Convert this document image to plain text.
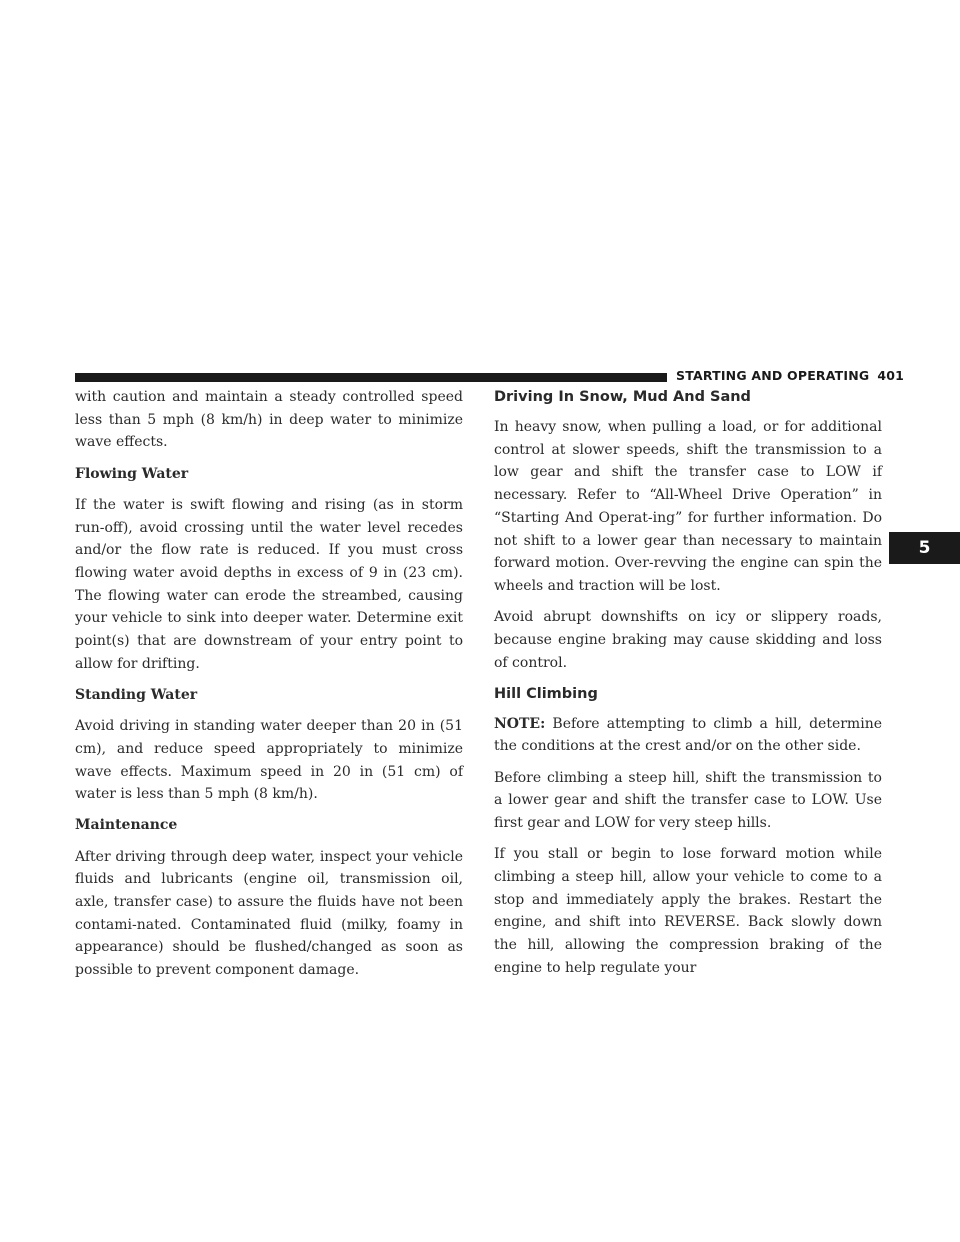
STARTING AND OPERATING 401
5

with caution and maintain a steady controlled speed less than 5 mph (8 km/h) in deep water to minimize wave effects.

Flowing Water

If the water is swift flowing and rising (as in storm run-off), avoid crossing until the water level recedes and/or the flow rate is reduced. If you must cross flowing water avoid depths in excess of 9 in (23 cm). The flowing water can erode the streambed, causing your vehicle to sink into deeper water. Determine exit point(s) that are downstream of your entry point to allow for drifting.

Standing Water

Avoid driving in standing water deeper than 20 in (51 cm), and reduce speed appropriately to minimize wave effects. Maximum speed in 20 in (51 cm) of water is less than 5 mph (8 km/h).

Maintenance

After driving through deep water, inspect your vehicle fluids and lubricants (engine oil, transmission oil, axle, transfer case) to assure the fluids have not been contami-nated. Contaminated fluid (milky, foamy in appearance) should be flushed/changed as soon as possible to prevent component damage.

Driving In Snow, Mud And Sand

In heavy snow, when pulling a load, or for additional control at slower speeds, shift the transmission to a low gear and shift the transfer case to LOW if necessary. Refer to “All-Wheel Drive Operation” in “Starting And Operat-ing” for further information. Do not shift to a lower gear than necessary to maintain forward motion. Over-revving the engine can spin the wheels and traction will be lost.

Avoid abrupt downshifts on icy or slippery roads, because engine braking may cause skidding and loss of control.

Hill Climbing

NOTE: Before attempting to climb a hill, determine the conditions at the crest and/or on the other side.

Before climbing a steep hill, shift the transmission to a lower gear and shift the transfer case to LOW. Use first gear and LOW for very steep hills.

If you stall or begin to lose forward motion while climbing a steep hill, allow your vehicle to come to a stop and immediately apply the brakes. Restart the engine, and shift into REVERSE. Back slowly down the hill, allowing the compression braking of the engine to help regulate your
